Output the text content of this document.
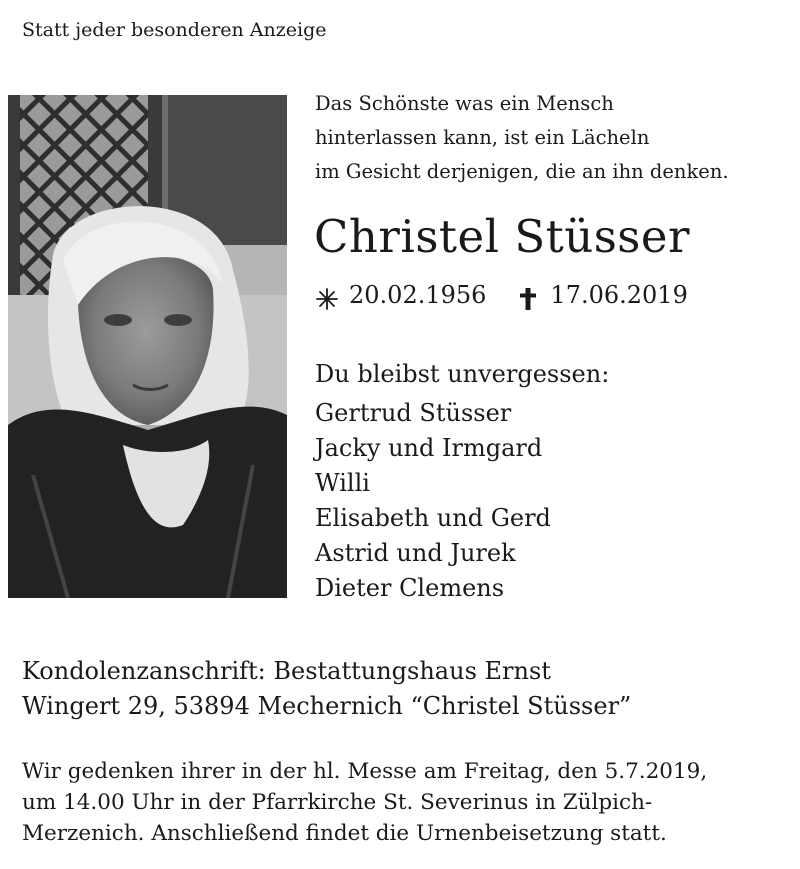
Statt jeder besonderen Anzeige
Das Schönste was ein Mensch
hinterlassen kann, ist ein Lächeln
im Gesicht derjenigen, die an ihn denken.
Christel Stüsser
20.02.1956	17.06.2019
Du bleibst unvergessen:
Gertrud Stüsser
Jacky und Irmgard
Willi
Elisabeth und Gerd
Astrid und Jurek
Dieter Clemens
Kondolenzanschrift: Bestattungshaus Ernst
Wingert 29, 53894 Mechernich “Christel Stüsser”
Wir gedenken ihrer in der hl. Messe am Freitag, den 5.7.2019,
um 14.00 Uhr in der Pfarrkirche St. Severinus in Zülpich-
Merzenich. Anschließend findet die Urnenbeisetzung statt.
